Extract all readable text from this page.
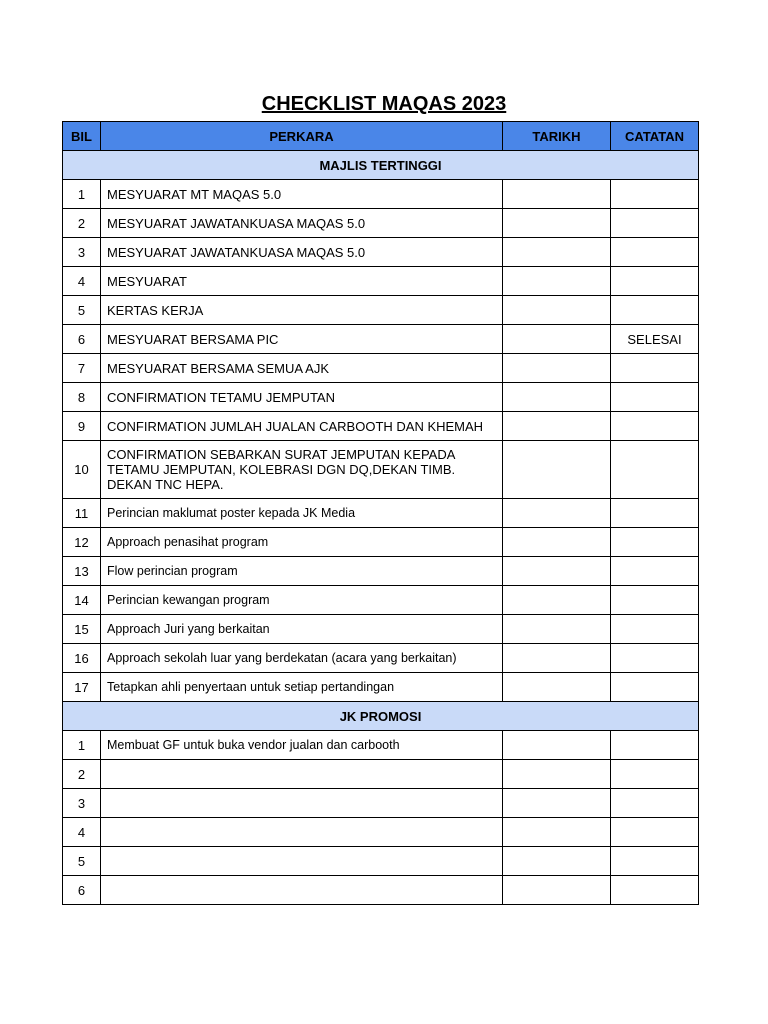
CHECKLIST MAQAS 2023
BIL	PERKARA	TARIKH	CATATAN
MAJLIS TERTINGGI			
1	MESYUARAT MT MAQAS 5.0		
2	MESYUARAT JAWATANKUASA MAQAS 5.0		
3	MESYUARAT JAWATANKUASA MAQAS 5.0		
4	MESYUARAT		
5	KERTAS KERJA		
6	MESYUARAT BERSAMA PIC		SELESAI
7	MESYUARAT BERSAMA SEMUA AJK		
8	CONFIRMATION TETAMU JEMPUTAN		
9	CONFIRMATION JUMLAH JUALAN CARBOOTH DAN KHEMAH		
10	CONFIRMATION SEBARKAN SURAT JEMPUTAN KEPADA TETAMU JEMPUTAN, KOLEBRASI DGN DQ,DEKAN TIMB. DEKAN TNC HEPA.		
11	Perincian maklumat poster kepada JK Media		
12	Approach penasihat program		
13	Flow perincian program		
14	Perincian kewangan program		
15	Approach Juri yang berkaitan		
16	Approach sekolah luar yang berdekatan (acara yang berkaitan)		
17	Tetapkan ahli penyertaan untuk setiap pertandingan		
JK PROMOSI			
1	Membuat GF untuk buka vendor jualan dan carbooth		
2			
3			
4			
5			
6			
